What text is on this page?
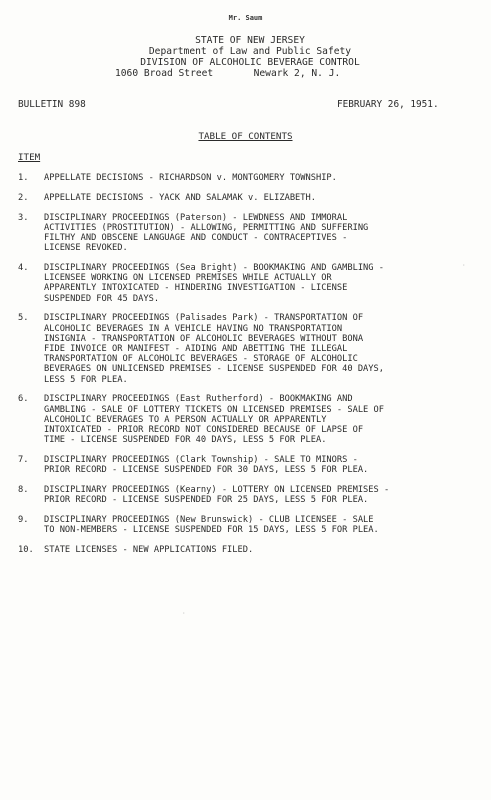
Mr. Saum
STATE OF NEW JERSEY
Department of Law and Public Safety
DIVISION OF ALCOHOLIC BEVERAGE CONTROL
1060 Broad Street       Newark 2, N. J.
BULLETIN 898	FEBRUARY 26, 1951.
TABLE OF CONTENTS
ITEM
1.	APPELLATE DECISIONS - RICHARDSON v. MONTGOMERY TOWNSHIP.
2.	APPELLATE DECISIONS - YACK AND SALAMAK v. ELIZABETH.
3.	DISCIPLINARY PROCEEDINGS (Paterson) - LEWDNESS AND IMMORAL
ACTIVITIES (PROSTITUTION) - ALLOWING, PERMITTING AND SUFFERING
FILTHY AND OBSCENE LANGUAGE AND CONDUCT - CONTRACEPTIVES -
LICENSE REVOKED.
4.	DISCIPLINARY PROCEEDINGS (Sea Bright) - BOOKMAKING AND GAMBLING -
LICENSEE WORKING ON LICENSED PREMISES WHILE ACTUALLY OR
APPARENTLY INTOXICATED - HINDERING INVESTIGATION - LICENSE
SUSPENDED FOR 45 DAYS.
5.	DISCIPLINARY PROCEEDINGS (Palisades Park) - TRANSPORTATION OF
ALCOHOLIC BEVERAGES IN A VEHICLE HAVING NO TRANSPORTATION
INSIGNIA - TRANSPORTATION OF ALCOHOLIC BEVERAGES WITHOUT BONA
FIDE INVOICE OR MANIFEST - AIDING AND ABETTING THE ILLEGAL
TRANSPORTATION OF ALCOHOLIC BEVERAGES - STORAGE OF ALCOHOLIC
BEVERAGES ON UNLICENSED PREMISES - LICENSE SUSPENDED FOR 40 DAYS,
LESS 5 FOR PLEA.
6.	DISCIPLINARY PROCEEDINGS (East Rutherford) - BOOKMAKING AND
GAMBLING - SALE OF LOTTERY TICKETS ON LICENSED PREMISES - SALE OF
ALCOHOLIC BEVERAGES TO A PERSON ACTUALLY OR APPARENTLY
INTOXICATED - PRIOR RECORD NOT CONSIDERED BECAUSE OF LAPSE OF
TIME - LICENSE SUSPENDED FOR 40 DAYS, LESS 5 FOR PLEA.
7.	DISCIPLINARY PROCEEDINGS (Clark Township) - SALE TO MINORS -
PRIOR RECORD - LICENSE SUSPENDED FOR 30 DAYS, LESS 5 FOR PLEA.
8.	DISCIPLINARY PROCEEDINGS (Kearny) - LOTTERY ON LICENSED PREMISES -
PRIOR RECORD - LICENSE SUSPENDED FOR 25 DAYS, LESS 5 FOR PLEA.
9.	DISCIPLINARY PROCEEDINGS (New Brunswick) - CLUB LICENSEE - SALE
TO NON-MEMBERS - LICENSE SUSPENDED FOR 15 DAYS, LESS 5 FOR PLEA.
10.	STATE LICENSES - NEW APPLICATIONS FILED.
·
·
